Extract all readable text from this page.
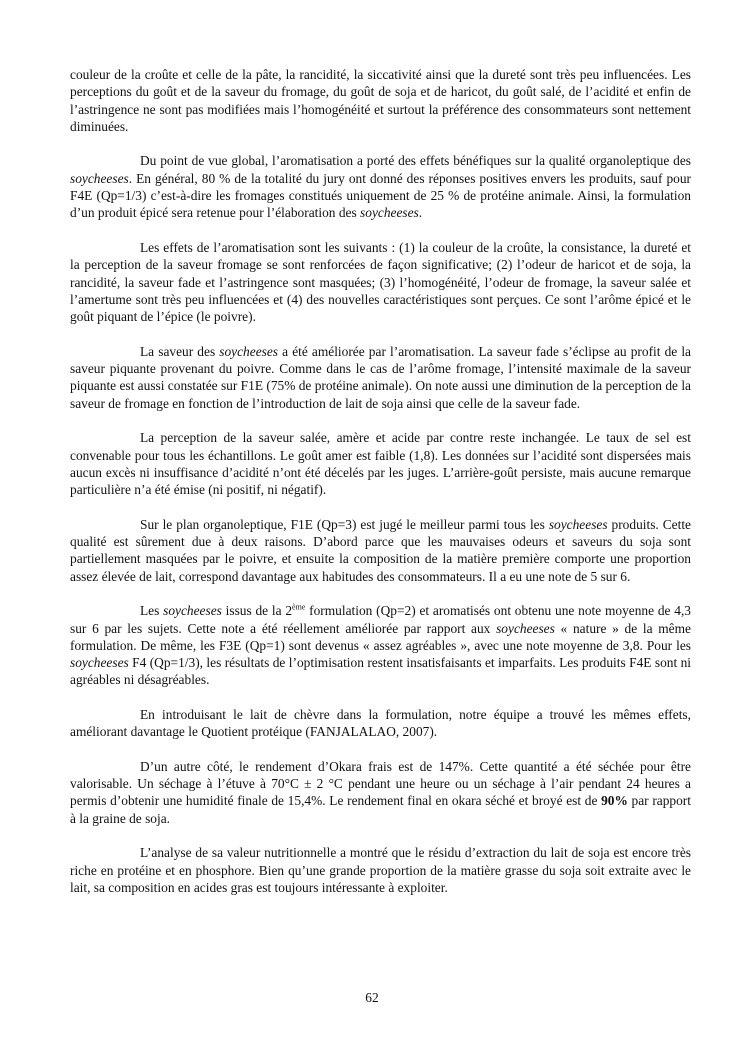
couleur de la croûte et celle de la pâte, la rancidité, la siccativité ainsi que la dureté sont très peu influencées. Les perceptions du goût et de la saveur du fromage, du goût de soja et de haricot, du goût salé, de l’acidité et enfin de l’astringence ne sont pas modifiées mais l’homogénéité et surtout la préférence des consommateurs sont nettement diminuées.

Du point de vue global, l’aromatisation a porté des effets bénéfiques sur la qualité organoleptique des soycheeses. En général, 80 % de la totalité du jury ont donné des réponses positives envers les produits, sauf pour F4E (Qp=1/3) c’est-à-dire les fromages constitués uniquement de 25 % de protéine animale. Ainsi, la formulation d’un produit épicé sera retenue pour l’élaboration des soycheeses.

Les effets de l’aromatisation sont les suivants : (1) la couleur de la croûte, la consistance, la dureté et la perception de la saveur fromage se sont renforcées de façon significative; (2) l’odeur de haricot et de soja, la rancidité, la saveur fade et l’astringence sont masquées; (3) l’homogénéité, l’odeur de fromage, la saveur salée et l’amertume sont très peu influencées et (4) des nouvelles caractéristiques sont perçues. Ce sont l’arôme épicé et le goût piquant de l’épice (le poivre).

La saveur des soycheeses a été améliorée par l’aromatisation. La saveur fade s’éclipse au profit de la saveur piquante provenant du poivre. Comme dans le cas de l’arôme fromage, l’intensité maximale de la saveur piquante est aussi constatée sur F1E (75% de protéine animale). On note aussi une diminution de la perception de la saveur de fromage en fonction de l’introduction de lait de soja ainsi que celle de la saveur fade.

La perception de la saveur salée, amère et acide par contre reste inchangée. Le taux de sel est convenable pour tous les échantillons. Le goût amer est faible (1,8). Les données sur l’acidité sont dispersées mais aucun excès ni insuffisance d’acidité n’ont été décelés par les juges. L’arrière-goût persiste, mais aucune remarque particulière n’a été émise (ni positif, ni négatif).

Sur le plan organoleptique, F1E (Qp=3) est jugé le meilleur parmi tous les soycheeses produits. Cette qualité est sûrement due à deux raisons. D’abord parce que les mauvaises odeurs et saveurs du soja sont partiellement masquées par le poivre, et ensuite la composition de la matière première comporte une proportion assez élevée de lait, correspond davantage aux habitudes des consommateurs. Il a eu une note de 5 sur 6.

Les soycheeses issus de la 2ème formulation (Qp=2) et aromatisés ont obtenu une note moyenne de 4,3 sur 6 par les sujets. Cette note a été réellement améliorée par rapport aux soycheeses « nature » de la même formulation. De même, les F3E (Qp=1) sont devenus « assez agréables », avec une note moyenne de 3,8. Pour les soycheeses F4 (Qp=1/3), les résultats de l’optimisation restent insatisfaisants et imparfaits. Les produits F4E sont ni agréables ni désagréables.

En introduisant le lait de chèvre dans la formulation, notre équipe a trouvé les mêmes effets, améliorant davantage le Quotient protéique (FANJALALAO, 2007).

D’un autre côté, le rendement d’Okara frais est de 147%. Cette quantité a été séchée pour être valorisable. Un séchage à l’étuve à 70°C ± 2 °C pendant une heure ou un séchage à l’air pendant 24 heures a permis d’obtenir une humidité finale de 15,4%. Le rendement final en okara séché et broyé est de 90% par rapport à la graine de soja.

L’analyse de sa valeur nutritionnelle a montré que le résidu d’extraction du lait de soja est encore très riche en protéine et en phosphore. Bien qu’une grande proportion de la matière grasse du soja soit extraite avec le lait, sa composition en acides gras est toujours intéressante à exploiter.

62
